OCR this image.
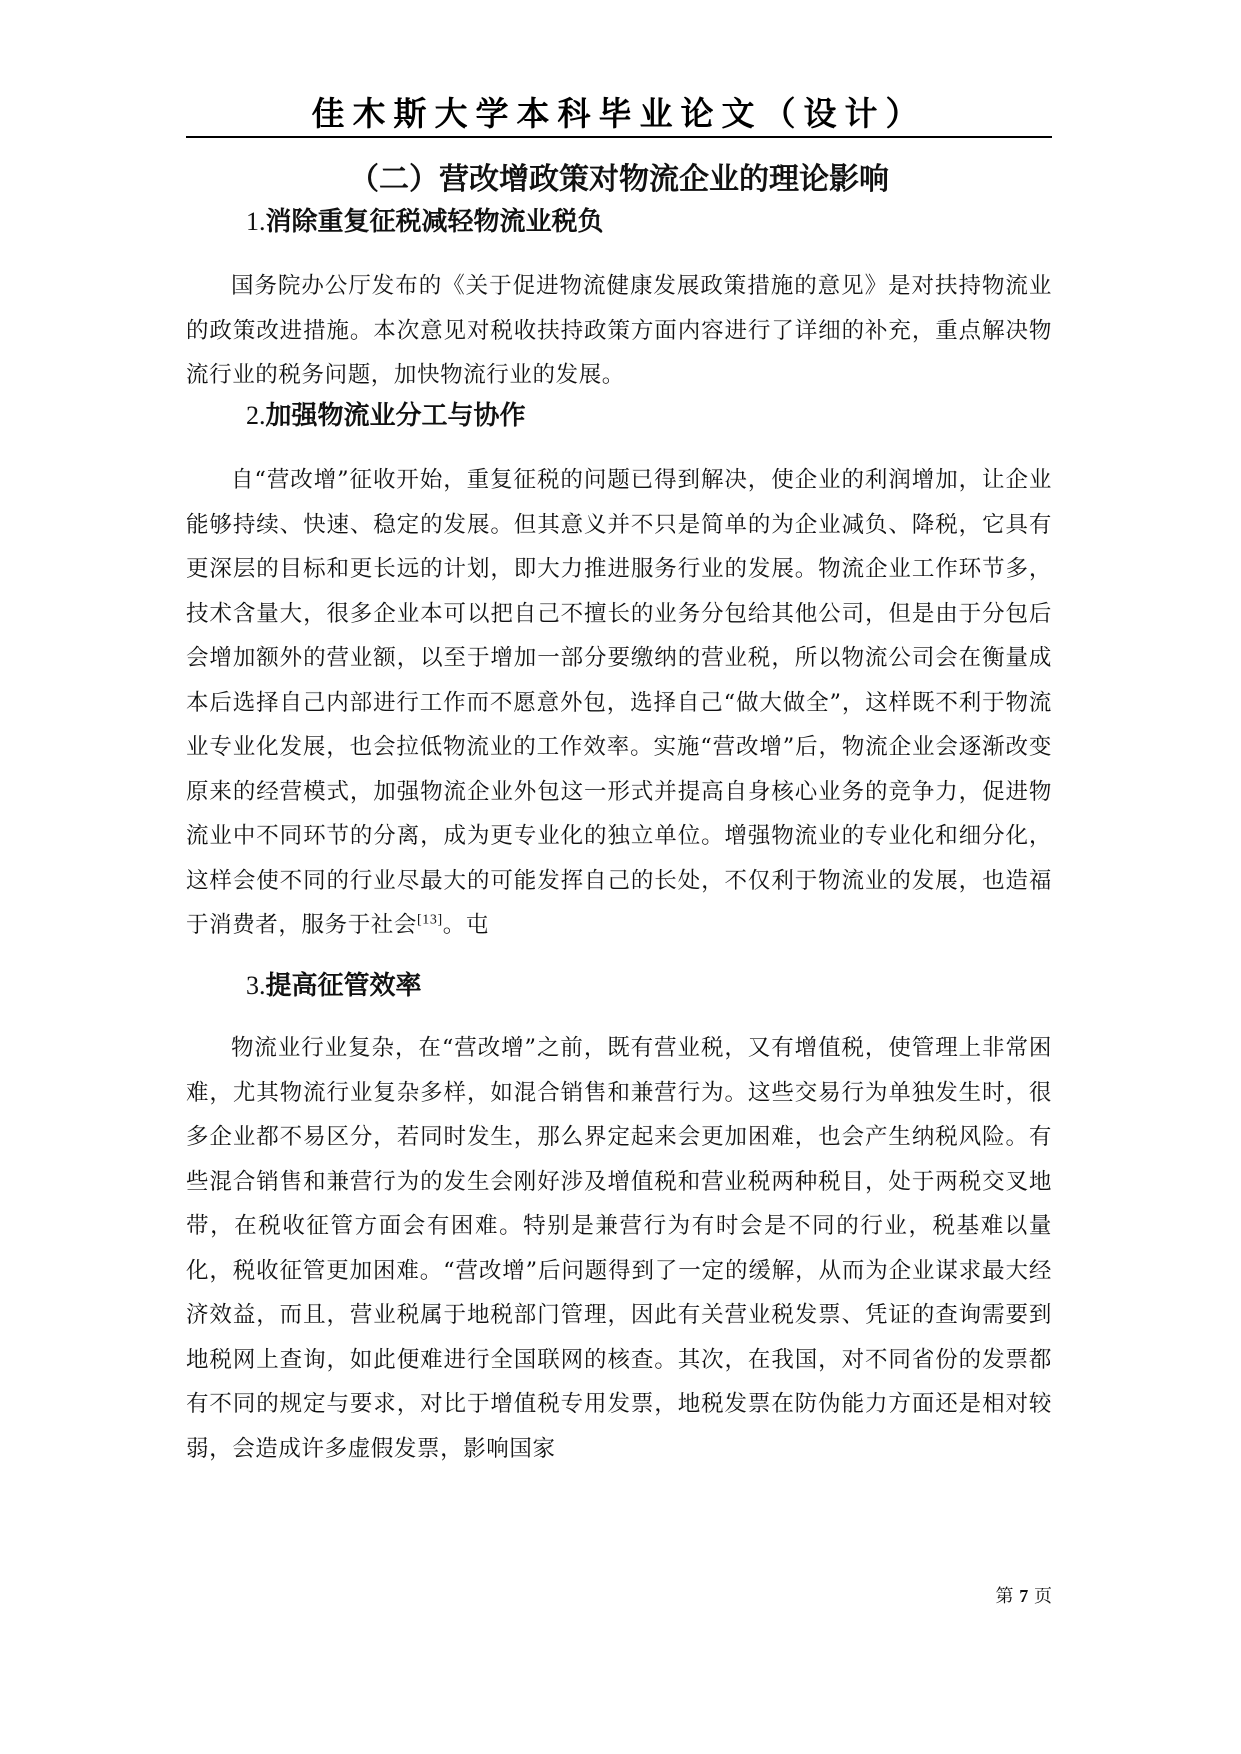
佳木斯大学本科毕业论文（设计）
（二）营改增政策对物流企业的理论影响
1.消除重复征税减轻物流业税负

国务院办公厅发布的《关于促进物流健康发展政策措施的意见》是对扶持物流业的政策改进措施。本次意见对税收扶持政策方面内容进行了详细的补充，重点解决物流行业的税务问题，加快物流行业的发展。

2.加强物流业分工与协作

自“营改增”征收开始，重复征税的问题已得到解决，使企业的利润增加，让企业能够持续、快速、稳定的发展。但其意义并不只是简单的为企业减负、降税，它具有更深层的目标和更长远的计划，即大力推进服务行业的发展。物流企业工作环节多，技术含量大，很多企业本可以把自己不擅长的业务分包给其他公司，但是由于分包后会增加额外的营业额，以至于增加一部分要缴纳的营业税，所以物流公司会在衡量成本后选择自己内部进行工作而不愿意外包，选择自己“做大做全”，这样既不利于物流业专业化发展，也会拉低物流业的工作效率。实施“营改增”后，物流企业会逐渐改变原来的经营模式，加强物流企业外包这一形式并提高自身核心业务的竞争力，促进物流业中不同环节的分离，成为更专业化的独立单位。增强物流业的专业化和细分化，这样会使不同的行业尽最大的可能发挥自己的长处，不仅利于物流业的发展，也造福于消费者，服务于社会[13]。屯

3.提高征管效率

物流业行业复杂，在“营改增”之前，既有营业税，又有增值税，使管理上非常困难，尤其物流行业复杂多样，如混合销售和兼营行为。这些交易行为单独发生时，很多企业都不易区分，若同时发生，那么界定起来会更加困难，也会产生纳税风险。有些混合销售和兼营行为的发生会刚好涉及增值税和营业税两种税目，处于两税交叉地带，在税收征管方面会有困难。特别是兼营行为有时会是不同的行业，税基难以量化，税收征管更加困难。“营改增”后问题得到了一定的缓解，从而为企业谋求最大经济效益，而且，营业税属于地税部门管理，因此有关营业税发票、凭证的查询需要到地税网上查询，如此便难进行全国联网的核查。其次，在我国，对不同省份的发票都有不同的规定与要求，对比于增值税专用发票，地税发票在防伪能力方面还是相对较弱，会造成许多虚假发票，影响国家

第 7 页
